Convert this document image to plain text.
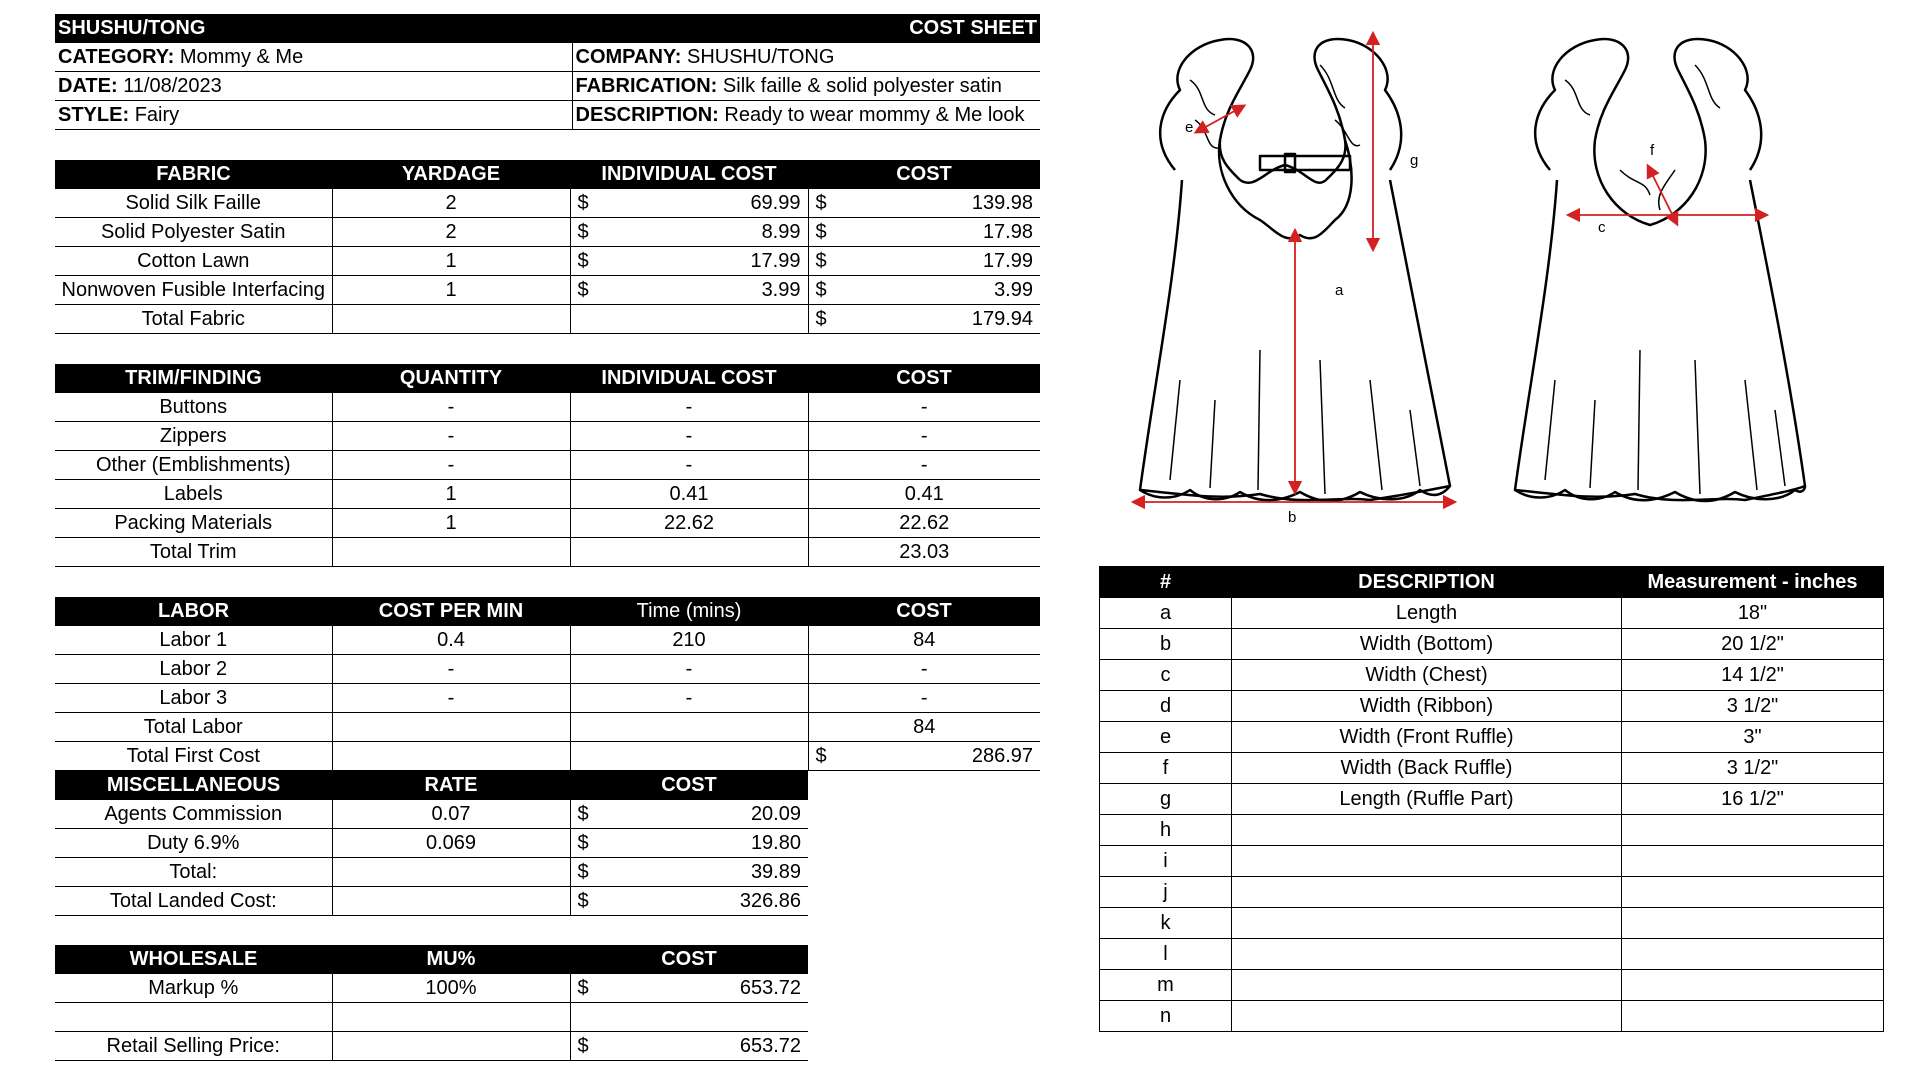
SHUSHU/TONG	COST SHEET
CATEGORY: Mommy & Me	COMPANY: SHUSHU/TONG
DATE: 11/08/2023	FABRICATION: Silk faille & solid polyester satin
STYLE: Fairy	DESCRIPTION: Ready to wear mommy & Me look
FABRIC	YARDAGE	INDIVIDUAL COST	COST
Solid Silk Faille	2	$ 69.99	$ 139.98

Solid Polyester Satin	2	$ 8.99	$ 17.98

Cotton Lawn	1	$ 17.99	$ 17.99

Nonwoven Fusible Interfacing	1	$ 3.99	$ 3.99

Total Fabric			$ 179.94
TRIM/FINDING	QUANTITY	INDIVIDUAL COST	COST
Buttons	-	-	-
Zippers	-	-	-
Other (Emblishments)	-	-	-
Labels	1	0.41	0.41
Packing Materials	1	22.62	22.62
Total Trim			23.03
LABOR	COST PER MIN	Time (mins)	COST
Labor 1	0.4	210	84
Labor 2	-	-	-
Labor 3	-	-	-
Total Labor			84
Total First Cost			$ 286.97
MISCELLANEOUS	RATE	COST
Agents Commission	0.07	$ 20.09

Duty 6.9%	0.069	$ 19.80

Total:		$ 39.89

Total Landed Cost:		$ 326.86
WHOLESALE	MU%	COST
Markup %	100%	$ 653.72

Retail Selling Price:		$ 653.72
a
b
e
g
c
f
#	DESCRIPTION	Measurement - inches
a	Length	18"
b	Width (Bottom)	20 1/2"
c	Width (Chest)	14 1/2"
d	Width (Ribbon)	3 1/2"
e	Width (Front Ruffle)	3"
f	Width (Back Ruffle)	3 1/2"
g	Length (Ruffle Part)	16 1/2"
h		
i		
j		
k		
l		
m		
n		
